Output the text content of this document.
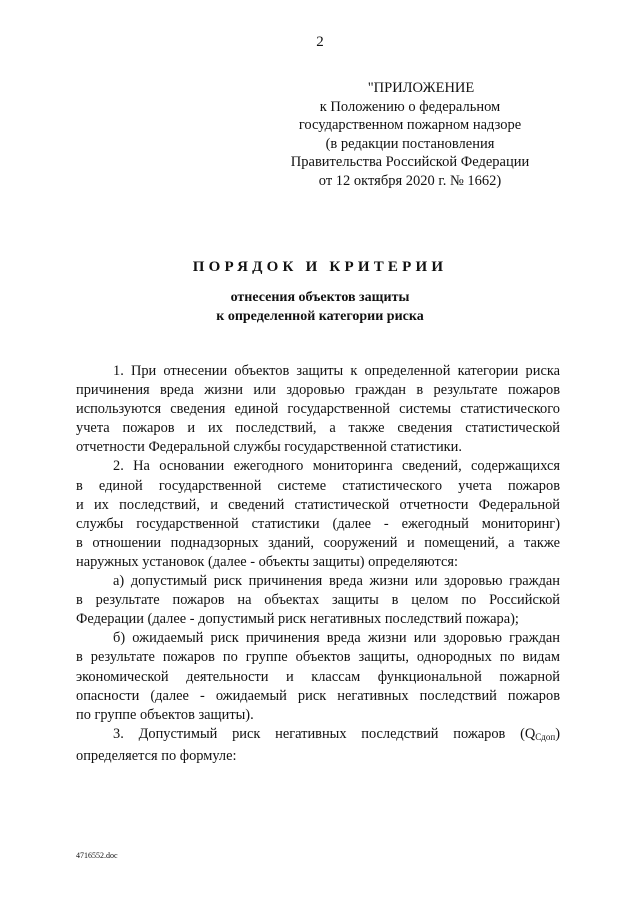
2
"ПРИЛОЖЕНИЕ
к Положению о федеральном
государственном пожарном надзоре
(в редакции постановления
Правительства Российской Федерации
от 12 октября 2020 г. № 1662)
ПОРЯДОК И КРИТЕРИИ
отнесения объектов защиты
к определенной категории риска

1. При отнесении объектов защиты к определенной категории риска

причинения вреда жизни или здоровью граждан в результате пожаров

используются сведения единой государственной системы статистического

учета пожаров и их последствий, а также сведения статистической

отчетности Федеральной службы государственной статистики.

2. На основании ежегодного мониторинга сведений, содержащихся

в единой государственной системе статистического учета пожаров

и их последствий, и сведений статистической отчетности Федеральной

службы государственной статистики (далее - ежегодный мониторинг)

в отношении поднадзорных зданий, сооружений и помещений, а также

наружных установок (далее - объекты защиты) определяются:

а) допустимый риск причинения вреда жизни или здоровью граждан

в результате пожаров на объектах защиты в целом по Российской

Федерации (далее - допустимый риск негативных последствий пожара);

б) ожидаемый риск причинения вреда жизни или здоровью граждан

в результате пожаров по группе объектов защиты, однородных по видам

экономической деятельности и классам функциональной пожарной

опасности (далее - ожидаемый риск негативных последствий пожаров

по группе объектов защиты).

3. Допустимый риск негативных последствий пожаров $(Q_{Сдоп})$

определяется по формуле:

4716552.doc
